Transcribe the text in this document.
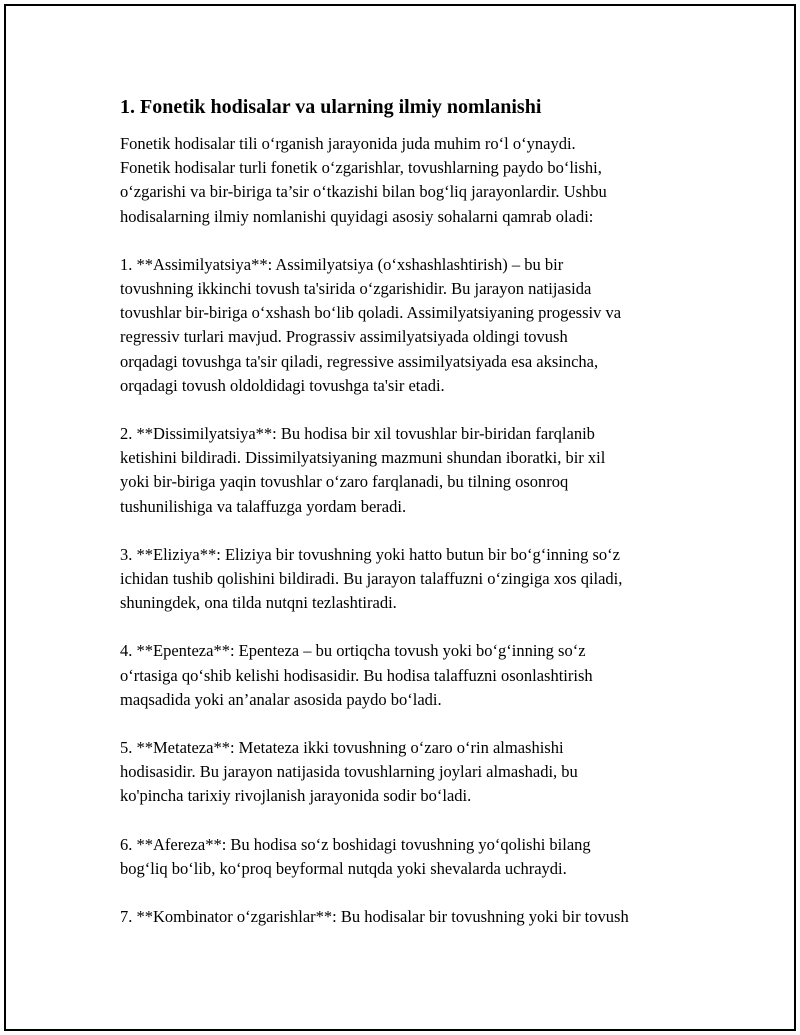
1. Fonetik hodisalar va ularning ilmiy nomlanishi

Fonetik hodisalar tili o‘rganish jarayonida juda muhim ro‘l o‘ynaydi.
Fonetik hodisalar turli fonetik o‘zgarishlar, tovushlarning paydo bo‘lishi,
o‘zgarishi va bir-biriga ta’sir o‘tkazishi bilan bog‘liq jarayonlardir. Ushbu
hodisalarning ilmiy nomlanishi quyidagi asosiy sohalarni qamrab oladi:

1. **Assimilyatsiya**: Assimilyatsiya (o‘xshashlashtirish) – bu bir
tovushning ikkinchi tovush ta'sirida o‘zgarishidir. Bu jarayon natijasida
tovushlar bir-biriga o‘xshash bo‘lib qoladi. Assimilyatsiyaning progessiv va
regressiv turlari mavjud. Prograssiv assimilyatsiyada oldingi tovush
orqadagi tovushga ta'sir qiladi, regressive assimilyatsiyada esa aksincha,
orqadagi tovush oldoldidagi tovushga ta'sir etadi.

2. **Dissimilyatsiya**: Bu hodisa bir xil tovushlar bir-biridan farqlanib
ketishini bildiradi. Dissimilyatsiyaning mazmuni shundan iboratki, bir xil
yoki bir-biriga yaqin tovushlar o‘zaro farqlanadi, bu tilning osonroq
tushunilishiga va talaffuzga yordam beradi.

3. **Eliziya**: Eliziya bir tovushning yoki hatto butun bir bo‘g‘inning so‘z
ichidan tushib qolishini bildiradi. Bu jarayon talaffuzni o‘zingiga xos qiladi,
shuningdek, ona tilda nutqni tezlashtiradi.

4. **Epenteza**: Epenteza – bu ortiqcha tovush yoki bo‘g‘inning so‘z
o‘rtasiga qo‘shib kelishi hodisasidir. Bu hodisa talaffuzni osonlashtirish
maqsadida yoki an’analar asosida paydo bo‘ladi.

5. **Metateza**: Metateza ikki tovushning o‘zaro o‘rin almashishi
hodisasidir. Bu jarayon natijasida tovushlarning joylari almashadi, bu
ko'pincha tarixiy rivojlanish jarayonida sodir bo‘ladi.

6. **Afereza**: Bu hodisa so‘z boshidagi tovushning yo‘qolishi bilang
bog‘liq bo‘lib, ko‘proq beyformal nutqda yoki shevalarda uchraydi.

7. **Kombinator o‘zgarishlar**: Bu hodisalar bir tovushning yoki bir tovush
